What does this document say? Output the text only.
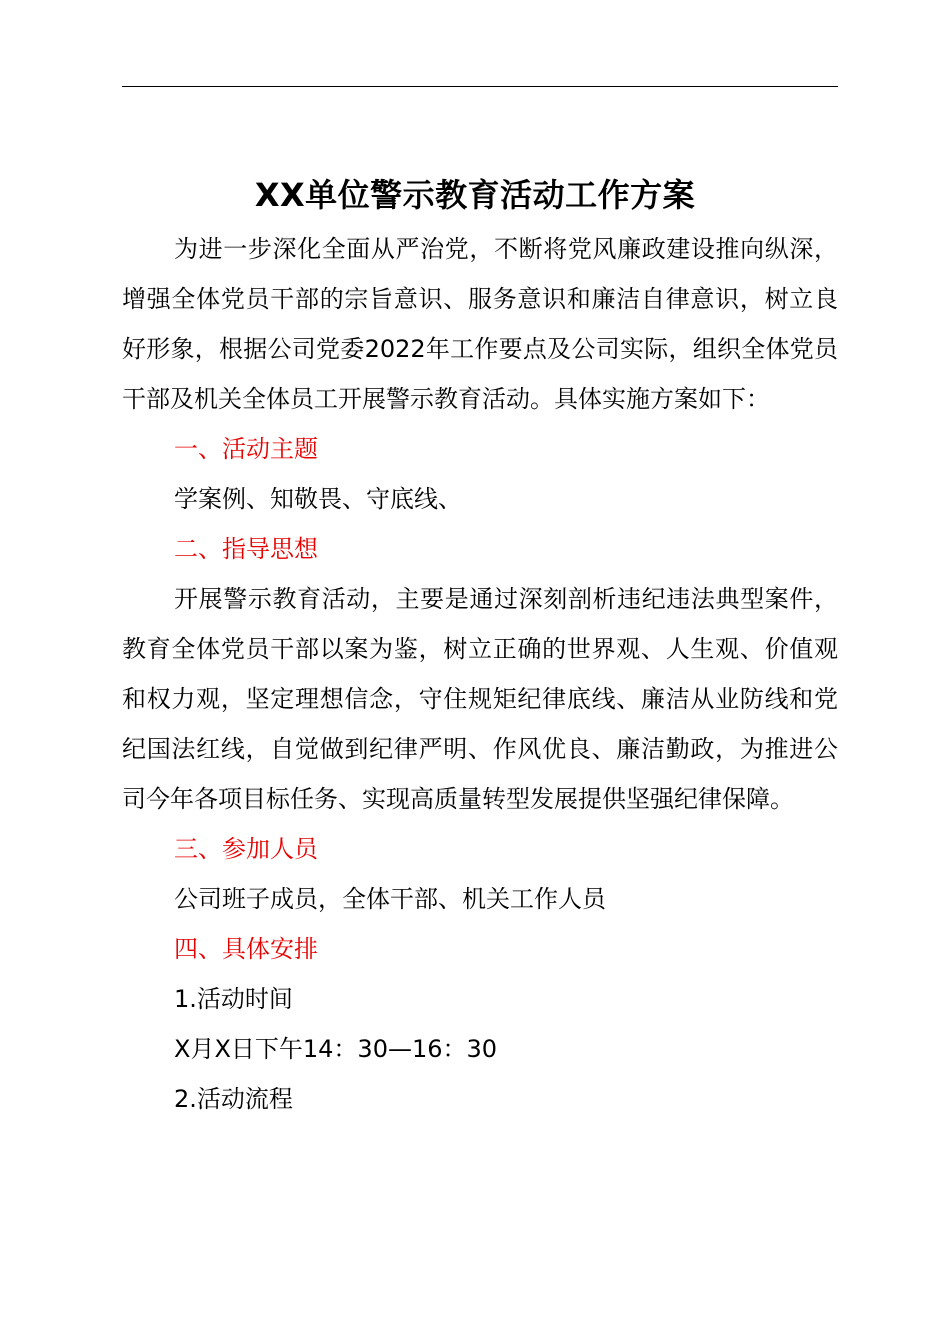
XX单位警示教育活动工作方案

为进一步深化全面从严治党，不断将党风廉政建设推向纵深，增强全体党员干部的宗旨意识、服务意识和廉洁自律意识，树立良好形象，根据公司党委2022年工作要点及公司实际，组织全体党员干部及机关全体员工开展警示教育活动。具体实施方案如下：

一、活动主题

学案例、知敬畏、守底线、

二、指导思想

开展警示教育活动，主要是通过深刻剖析违纪违法典型案件，教育全体党员干部以案为鉴，树立正确的世界观、人生观、价值观和权力观，坚定理想信念，守住规矩纪律底线、廉洁从业防线和党纪国法红线，自觉做到纪律严明、作风优良、廉洁勤政，为推进公司今年各项目标任务、实现高质量转型发展提供坚强纪律保障。

三、参加人员

公司班子成员，全体干部、机关工作人员

四、具体安排

1.活动时间

X月X日下午14：30—16：30

2.活动流程
